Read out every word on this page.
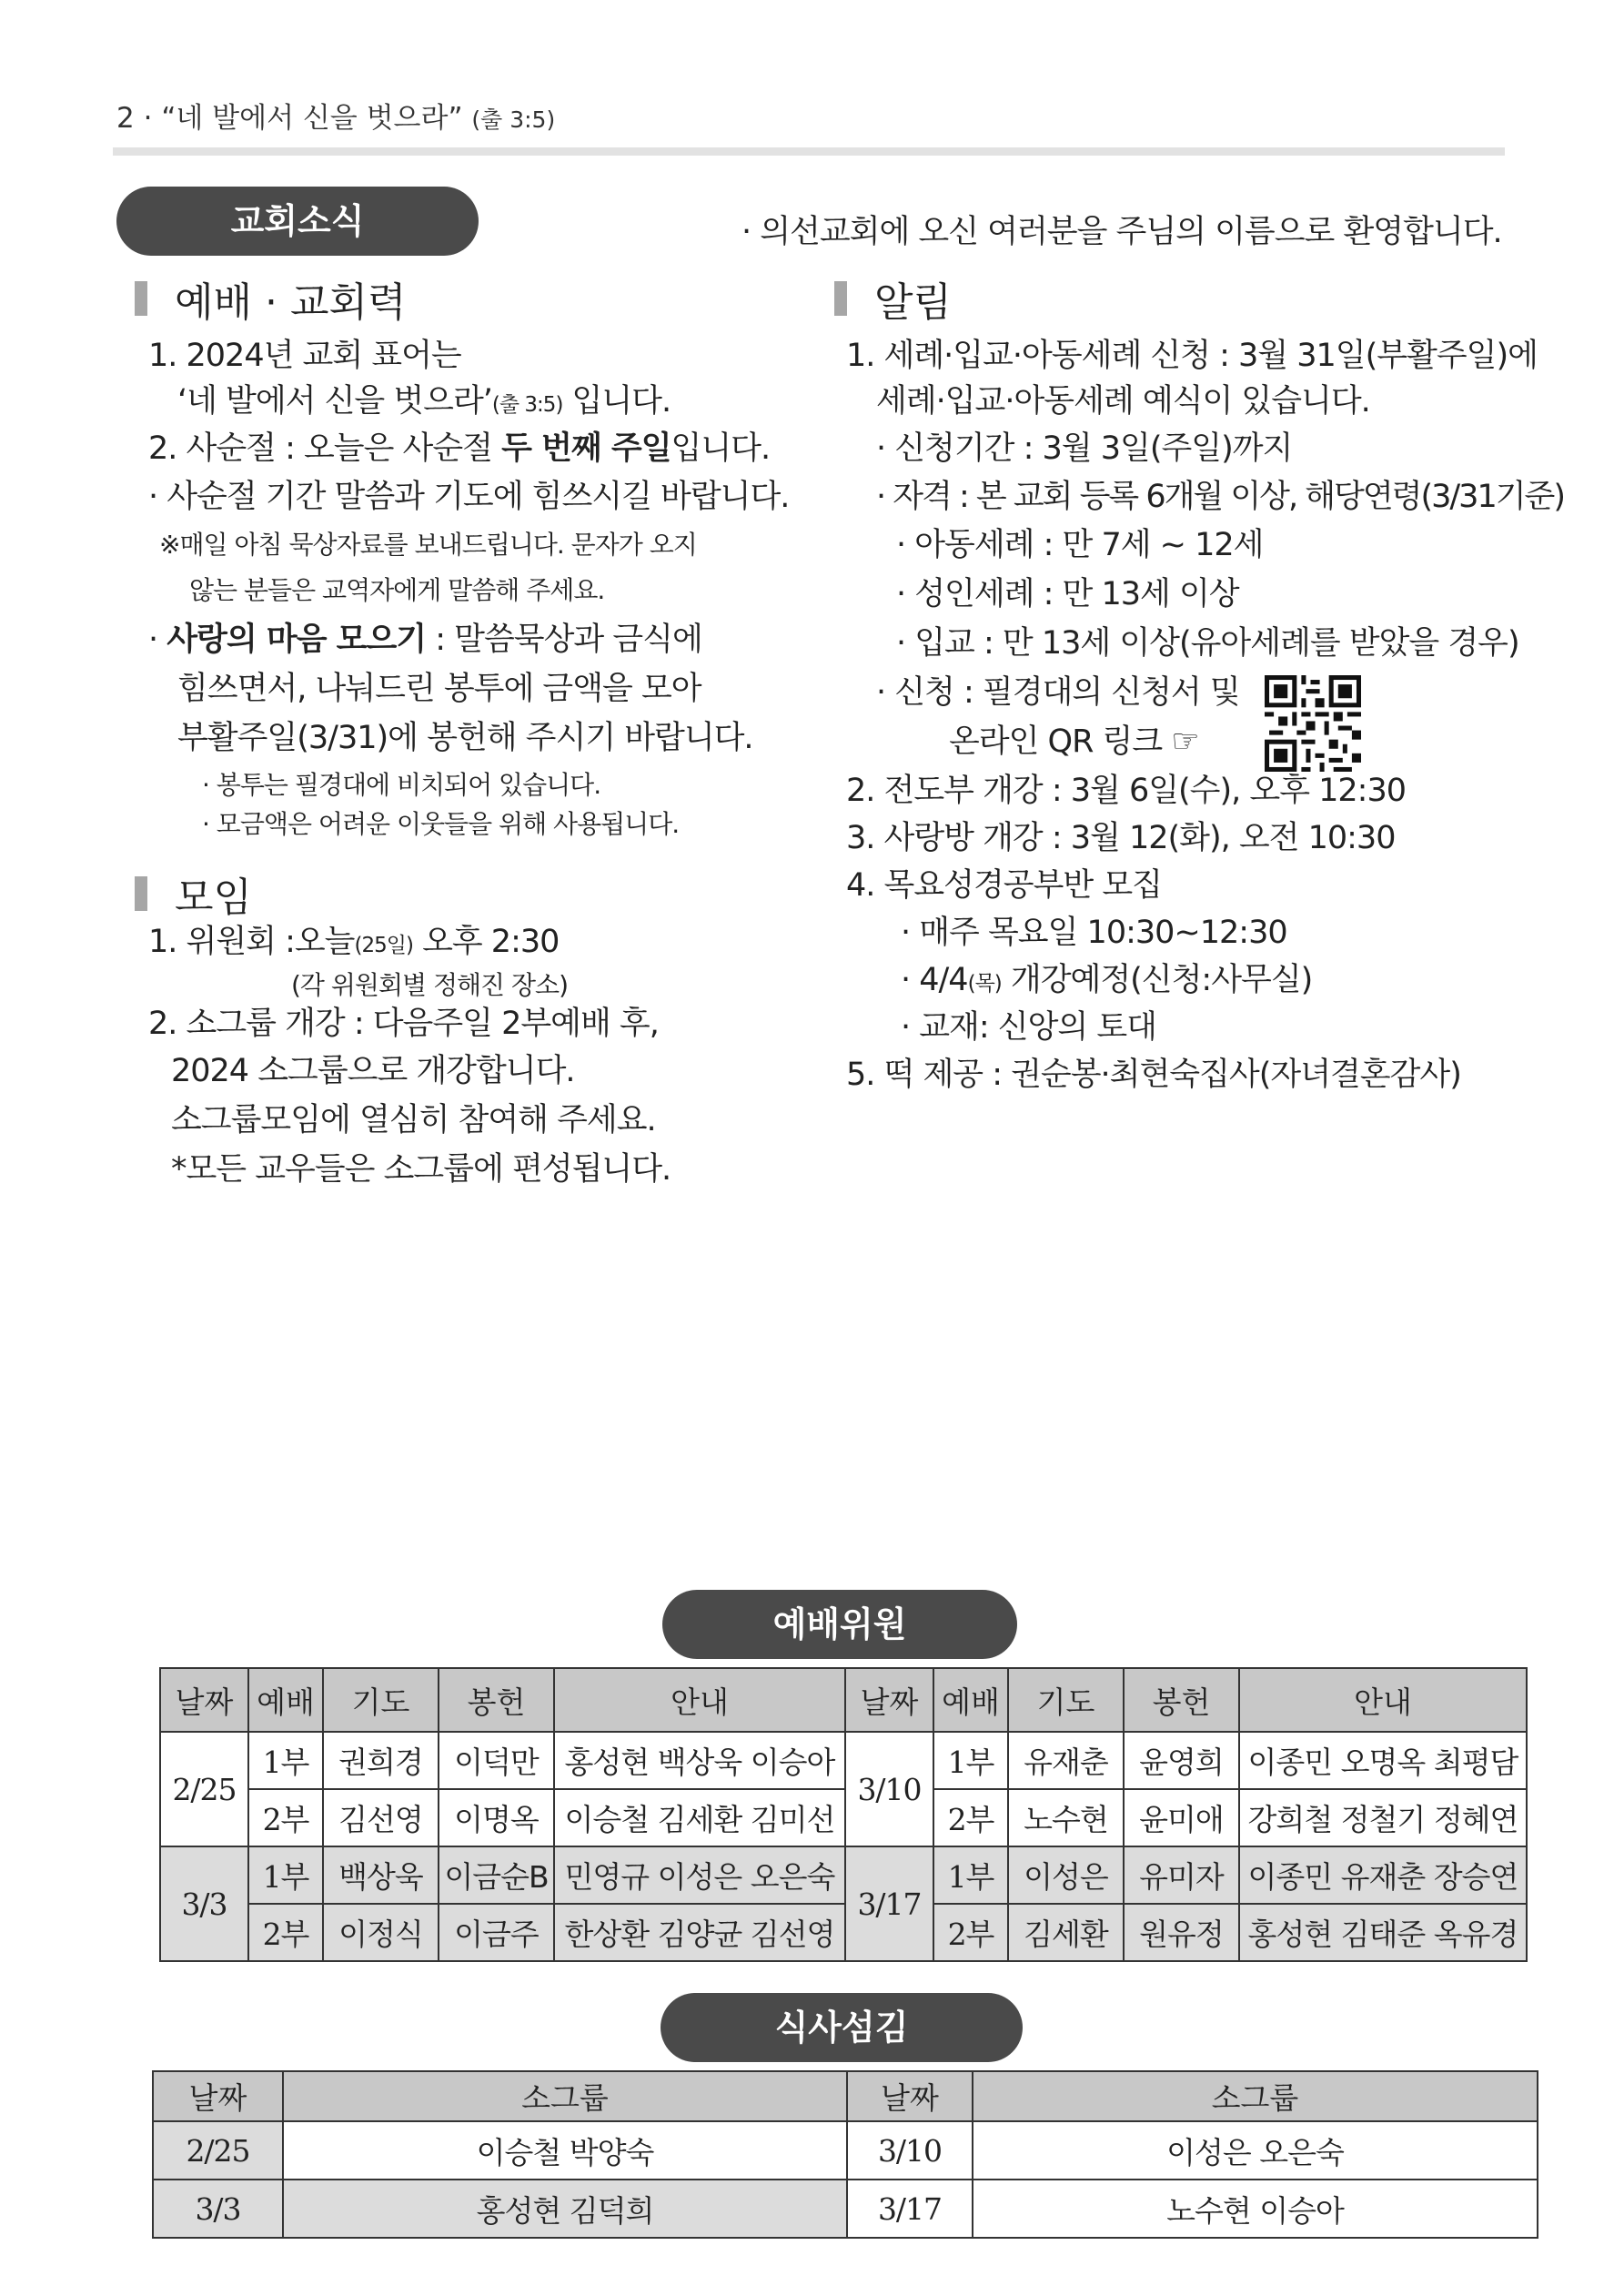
2 · “네 발에서 신을 벗으라” (출 3:5)
교회소식	· 의선교회에 오신 여러분을 주님의 이름으로 환영합니다.
예배 · 교회력
1. 2024년 교회 표어는
‘네 발에서 신을 벗으라’(출 3:5) 입니다.
2. 사순절 : 오늘은 사순절 두 번째 주일입니다.
· 사순절 기간 말씀과 기도에 힘쓰시길 바랍니다.
※매일 아침 묵상자료를 보내드립니다. 문자가 오지
않는 분들은 교역자에게 말씀해 주세요.
· 사랑의 마음 모으기 : 말씀묵상과 금식에
힘쓰면서, 나눠드린 봉투에 금액을 모아
부활주일(3/31)에 봉헌해 주시기 바랍니다.
· 봉투는 필경대에 비치되어 있습니다.
· 모금액은 어려운 이웃들을 위해 사용됩니다.
모임
1. 위원회 :오늘(25일) 오후 2:30
(각 위원회별 정해진 장소)
2. 소그룹 개강 : 다음주일 2부예배 후,
2024 소그룹으로 개강합니다.
소그룹모임에 열심히 참여해 주세요.
*모든 교우들은 소그룹에 편성됩니다.
알림
1. 세례·입교·아동세례 신청 : 3월 31일(부활주일)에
세례·입교·아동세례 예식이 있습니다.
· 신청기간 : 3월 3일(주일)까지
· 자격 : 본 교회 등록 6개월 이상, 해당연령(3/31기준)
· 아동세례 : 만 7세 ~ 12세
· 성인세례 : 만 13세 이상
· 입교 : 만 13세 이상(유아세례를 받았을 경우)
· 신청 : 필경대의 신청서 및
온라인 QR 링크 ☞
2. 전도부 개강 : 3월 6일(수), 오후 12:30
3. 사랑방 개강 : 3월 12(화), 오전 10:30
4. 목요성경공부반 모집
· 매주 목요일 10:30~12:30
· 4/4(목) 개강예정(신청:사무실)
· 교재: 신앙의 토대
5. 떡 제공 : 권순봉·최현숙집사(자녀결혼감사)
예배위원
날짜	예배	기도	봉헌	안내	날짜	예배	기도	봉헌	안내
2/25	1부	권희경	이덕만	홍성현 백상욱 이승아	3/10	1부	유재춘	윤영희	이종민 오명옥 최평담
	2부	김선영	이명옥	이승철 김세환 김미선		2부	노수현	윤미애	강희철 정철기 정혜연
3/3	1부	백상욱	이금순B	민영규 이성은 오은숙	3/17	1부	이성은	유미자	이종민 유재춘 장승연
	2부	이정식	이금주	한상환 김양균 김선영		2부	김세환	원유정	홍성현 김태준 옥유경
식사섬김
날짜	소그룹	날짜	소그룹
2/25	이승철 박양숙	3/10	이성은 오은숙
3/3	홍성현 김덕희	3/17	노수현 이승아
